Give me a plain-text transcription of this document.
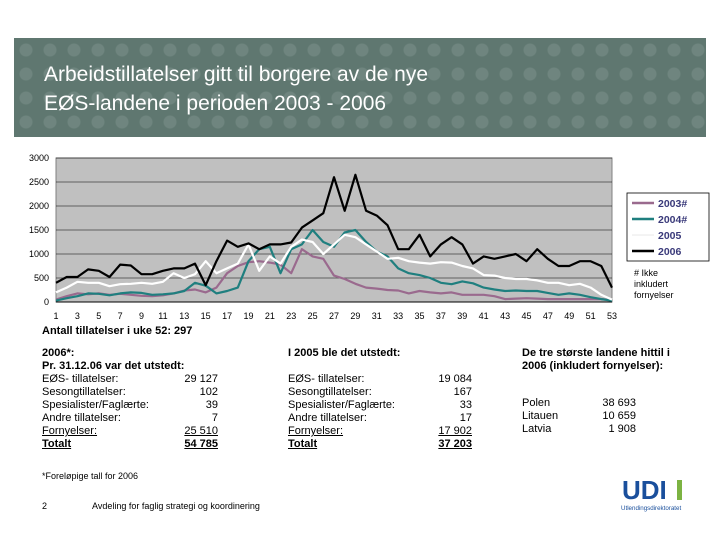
Arbeidstillatelser gitt til borgere av de nye
EØS-landene i perioden 2003 - 2006
0
500
1000
1500
2000
2500
3000
1 3 5 7 9 11 13 15 17 19 21 23 25 27 29 31 33 35 37 39 41 43 45 47 49 51 53
2003#
2004#
2005
2006
# Ikke
inkludert
fornyelser
Antall tillatelser i uke 52: 297
2006*:
Pr. 31.12.06 var det utstedt:
EØS- tillatelser:	29 127
Sesongtillatelser:	102
Spesialister/Faglærte:	39
Andre tillatelser:	7
Fornyelser:	25 510
Totalt	54 785
I 2005 ble det utstedt:
EØS- tillatelser:	19 084
Sesongtillatelser:	167
Spesialister/Faglærte:	33
Andre tillatelser:	17
Fornyelser:	17 902
Totalt	37 203
De tre største landene hittil i
2006 (inkludert fornyelser):
Polen	38 693
Litauen	10 659
Latvia	1 908
*Foreløpige tall for 2006
2	Avdeling for faglig strategi og koordinering
UDI
Utlendingsdirektoratet
